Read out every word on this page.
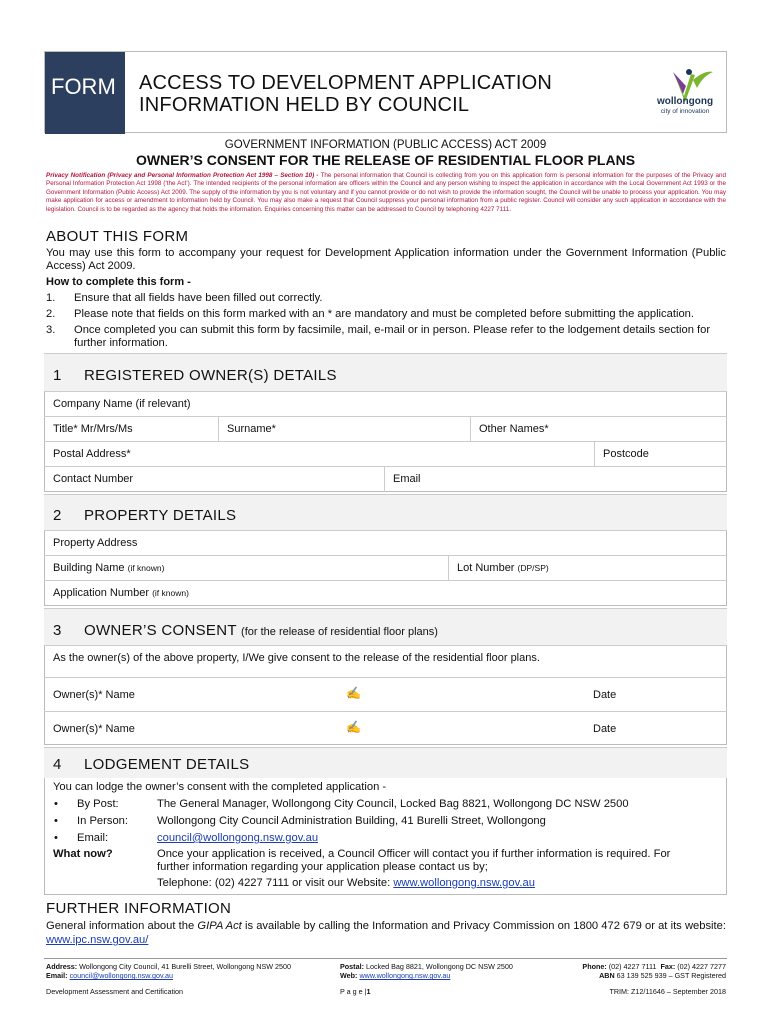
FORM	ACCESS TO DEVELOPMENT APPLICATION
INFORMATION HELD BY COUNCIL	wollongong
city of innovation
GOVERNMENT INFORMATION (PUBLIC ACCESS) ACT 2009
OWNER’S CONSENT FOR THE RELEASE OF RESIDENTIAL FLOOR PLANS
Privacy Notification (Privacy and Personal Information Protection Act 1998 – Section 10) - The personal information that Council is collecting from you on this application form is personal information for the purposes of the Privacy and Personal Information Protection Act 1998 (‘the Act’). The intended recipients of the personal information are officers within the Council and any person wishing to inspect the application in accordance with the Local Government Act 1993 or the Government Information (Public Access) Act 2009. The supply of the information by you is not voluntary and if you cannot provide or do not wish to provide the information sought, the Council will be unable to process your application. You may make application for access or amendment to information held by Council. You may also make a request that Council suppress your personal information from a public register. Council will consider any such application in accordance with the legislation. Council is to be regarded as the agency that holds the information. Enquiries concerning this matter can be addressed to Council by telephoning 4227 7111.
ABOUT THIS FORM
You may use this form to accompany your request for Development Application information under the Government Information (Public Access) Act 2009.
How to complete this form -
1. Ensure that all fields have been filled out correctly.
2. Please note that fields on this form marked with an * are mandatory and must be completed before submitting the application.
3. Once completed you can submit this form by facsimile, mail, e-mail or in person. Please refer to the lodgement details section for further information.
1 REGISTERED OWNER(S) DETAILS
Company Name (if relevant)
Title* Mr/Mrs/Ms	Surname*	Other Names*
Postal Address*	Postcode
Contact Number	Email
2 PROPERTY DETAILS
Property Address
Building Name (if known)	Lot Number (DP/SP)
Application Number (if known)
3 OWNER’S CONSENT (for the release of residential floor plans)
As the owner(s) of the above property, I/We give consent to the release of the residential floor plans.
Owner(s)* Name	✍	Date
Owner(s)* Name	✍	Date
4 LODGEMENT DETAILS
You can lodge the owner’s consent with the completed application -
• By Post:	The General Manager, Wollongong City Council, Locked Bag 8821, Wollongong DC NSW 2500
• In Person:	Wollongong City Council Administration Building, 41 Burelli Street, Wollongong
• Email:	council@wollongong.nsw.gov.au
What now?	Once your application is received, a Council Officer will contact you if further information is required. For further information regarding your application please contact us by;
Telephone: (02) 4227 7111 or visit our Website: www.wollongong.nsw.gov.au
FURTHER INFORMATION
General information about the GIPA Act is available by calling the Information and Privacy Commission on 1800 472 679 or at its website: www.ipc.nsw.gov.au/
Address: Wollongong City Council, 41 Burelli Street, Wollongong NSW 2500
Email: council@wollongong.nsw.gov.au
Postal: Locked Bag 8821, Wollongong DC NSW 2500
Web: www.wollongong.nsw.gov.au
Phone: (02) 4227 7111 Fax: (02) 4227 7277
ABN 63 139 525 939 – GST Registered
Development Assessment and Certification	P a g e |1	TRIM: Z12/11646 – September 2018
